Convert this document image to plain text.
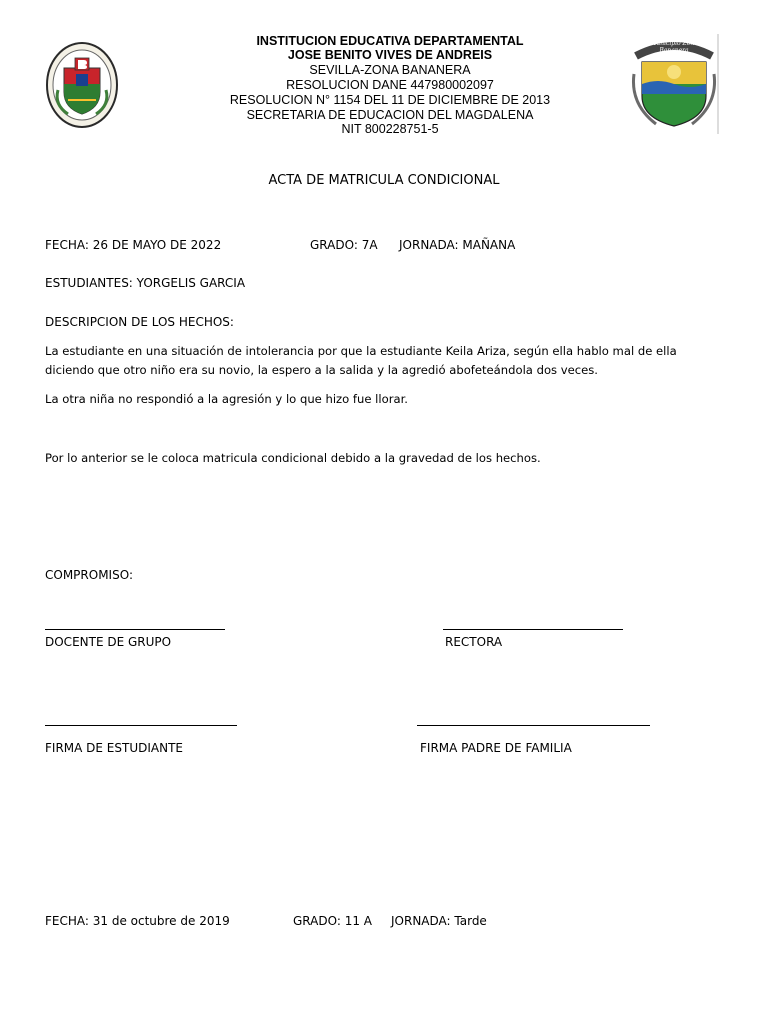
Municipio Zona Bananera
INSTITUCION EDUCATIVA DEPARTAMENTAL
JOSE BENITO VIVES DE ANDREIS
SEVILLA-ZONA BANANERA
RESOLUCION DANE 447980002097
RESOLUCION N° 1154 DEL 11 DE DICIEMBRE DE 2013
SECRETARIA DE EDUCACION DEL MAGDALENA
NIT 800228751-5
ACTA DE MATRICULA CONDICIONAL
FECHA: 26 DE MAYO DE 2022	GRADO: 7A JORNADA: MAÑANA
ESTUDIANTES: YORGELIS GARCIA
DESCRIPCION DE LOS HECHOS:
La estudiante en una situación de intolerancia por que la estudiante Keila Ariza, según ella hablo mal de ella
diciendo que otro niño era su novio, la espero a la salida y la agredió abofeteándola dos veces.
La otra niña no respondió a la agresión y lo que hizo fue llorar.
Por lo anterior se le coloca matricula condicional debido a la gravedad de los hechos.
COMPROMISO:
DOCENTE DE GRUPO	RECTORA
FIRMA DE ESTUDIANTE	FIRMA PADRE DE FAMILIA
FECHA: 31 de octubre de 2019	GRADO: 11 A JORNADA: Tarde
